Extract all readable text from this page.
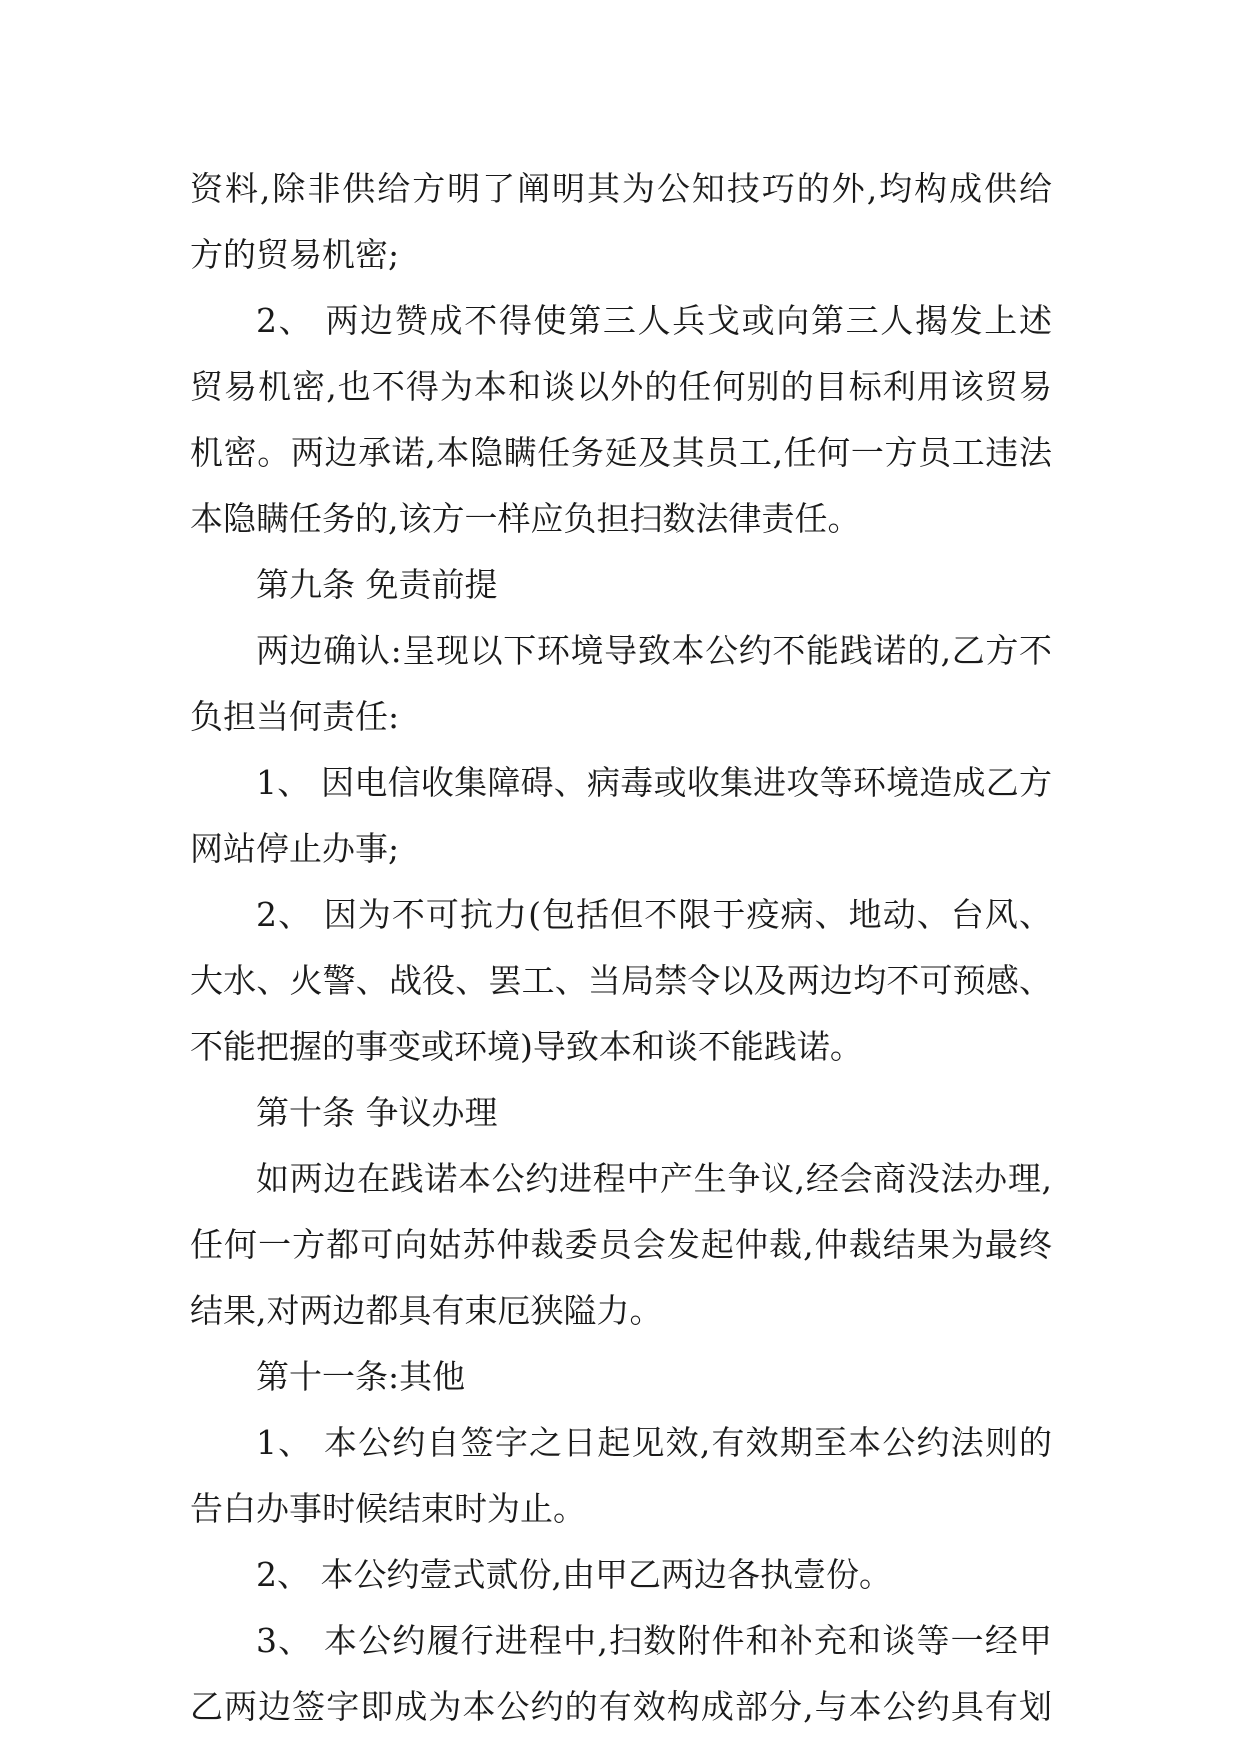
资料,除非供给方明了阐明其为公知技巧的外,均构成供给
方的贸易机密;
2、 两边赞成不得使第三人兵戈或向第三人揭发上述
贸易机密,也不得为本和谈以外的任何别的目标利用该贸易
机密。两边承诺,本隐瞒任务延及其员工,任何一方员工违法
本隐瞒任务的,该方一样应负担扫数法律责任。
第九条 免责前提
两边确认:呈现以下环境导致本公约不能践诺的,乙方不
负担当何责任:
1、 因电信收集障碍、病毒或收集进攻等环境造成乙方
网站停止办事;
2、 因为不可抗力(包括但不限于疫病、地动、台风、
大水、火警、战役、罢工、当局禁令以及两边均不可预感、
不能把握的事变或环境)导致本和谈不能践诺。
第十条 争议办理
如两边在践诺本公约进程中产生争议,经会商没法办理,
任何一方都可向姑苏仲裁委员会发起仲裁,仲裁结果为最终
结果,对两边都具有束厄狭隘力。
第十一条:其他
1、 本公约自签字之日起见效,有效期至本公约法则的
告白办事时候结束时为止。
2、 本公约壹式贰份,由甲乙两边各执壹份。
3、 本公约履行进程中,扫数附件和补充和谈等一经甲
乙两边签字即成为本公约的有效构成部分,与本公约具有划
